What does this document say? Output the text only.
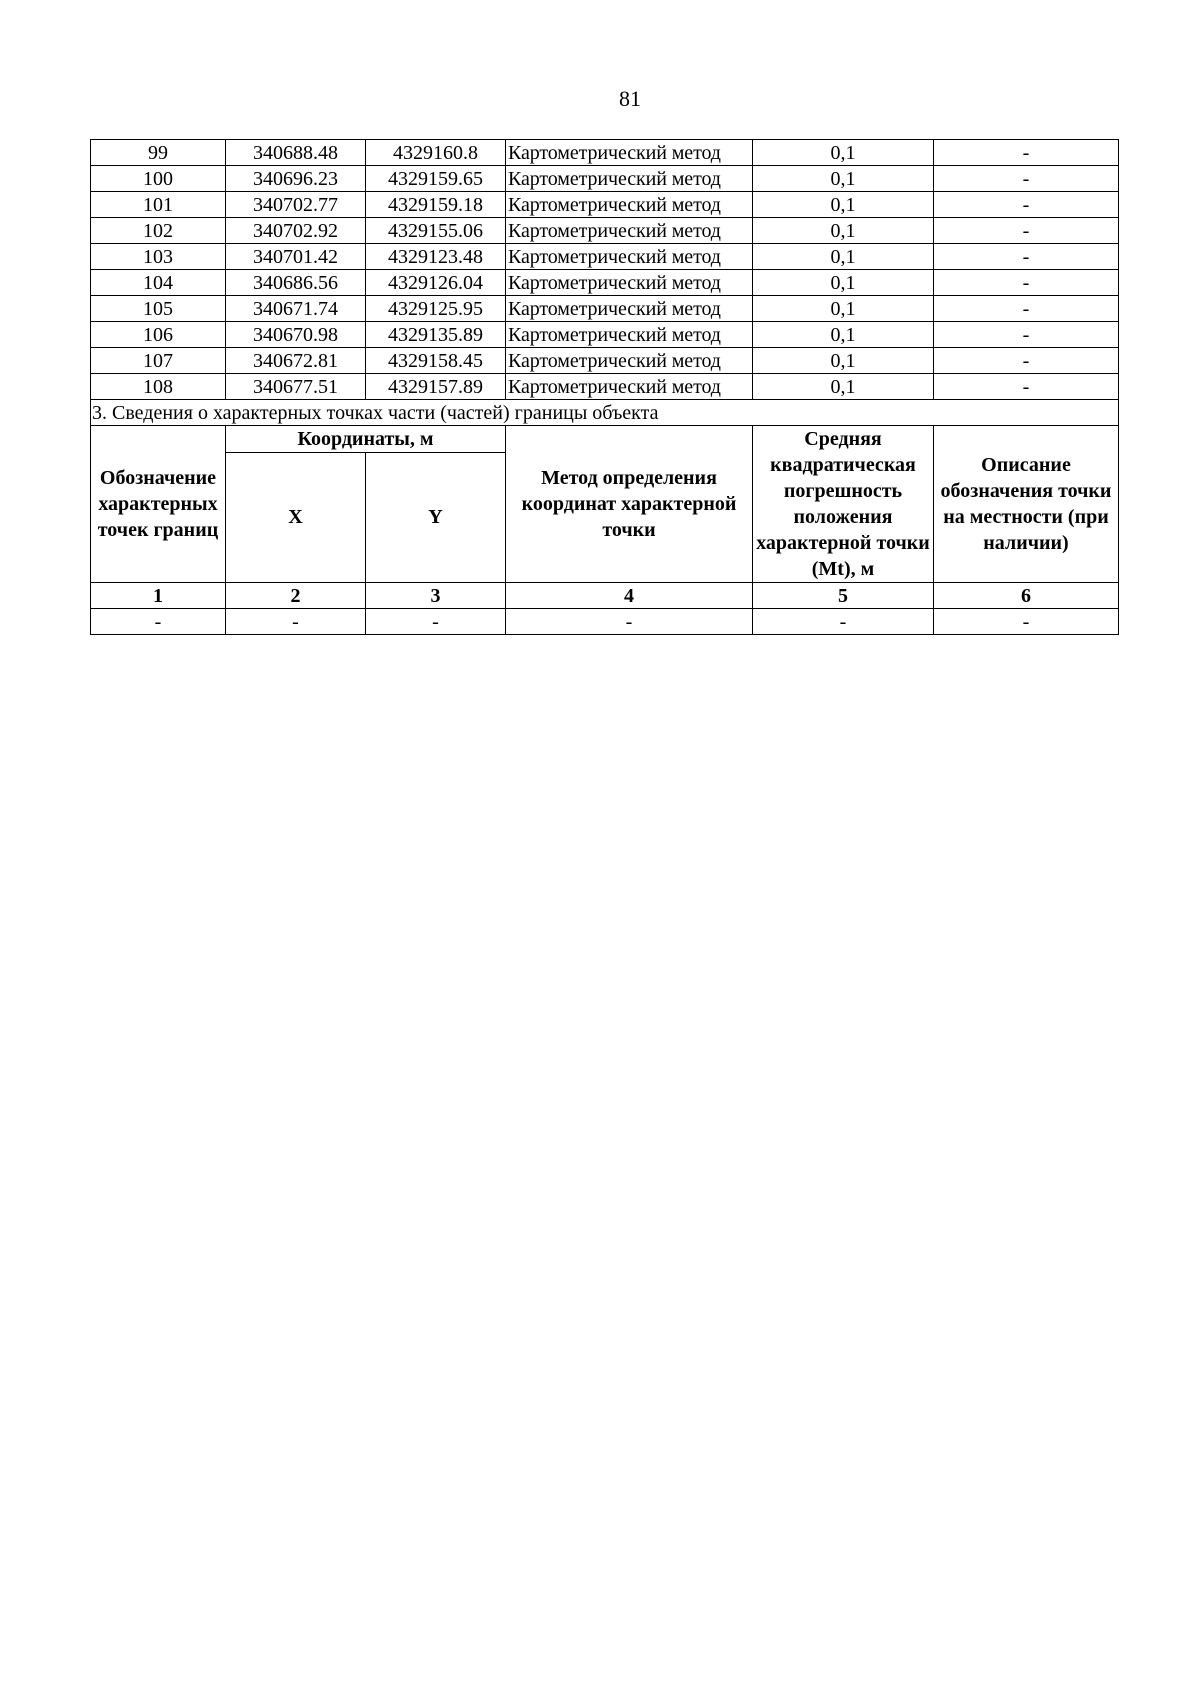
81
99	340688.48	4329160.8	Картометрический метод	0,1	-
100	340696.23	4329159.65	Картометрический метод	0,1	-
101	340702.77	4329159.18	Картометрический метод	0,1	-
102	340702.92	4329155.06	Картометрический метод	0,1	-
103	340701.42	4329123.48	Картометрический метод	0,1	-
104	340686.56	4329126.04	Картометрический метод	0,1	-
105	340671.74	4329125.95	Картометрический метод	0,1	-
106	340670.98	4329135.89	Картометрический метод	0,1	-
107	340672.81	4329158.45	Картометрический метод	0,1	-
108	340677.51	4329157.89	Картометрический метод	0,1	-
3. Сведения о характерных точках части (частей) границы объекта					
Обозначение характерных точек границ	Координаты, м		Метод определения координат характерной точки	Средняя квадратическая погрешность положения характерной точки (Mt), м	Описание обозначения точки на местности (при наличии)
	X	Y			
1	2	3	4	5	6
-	-	-	-	-	-
